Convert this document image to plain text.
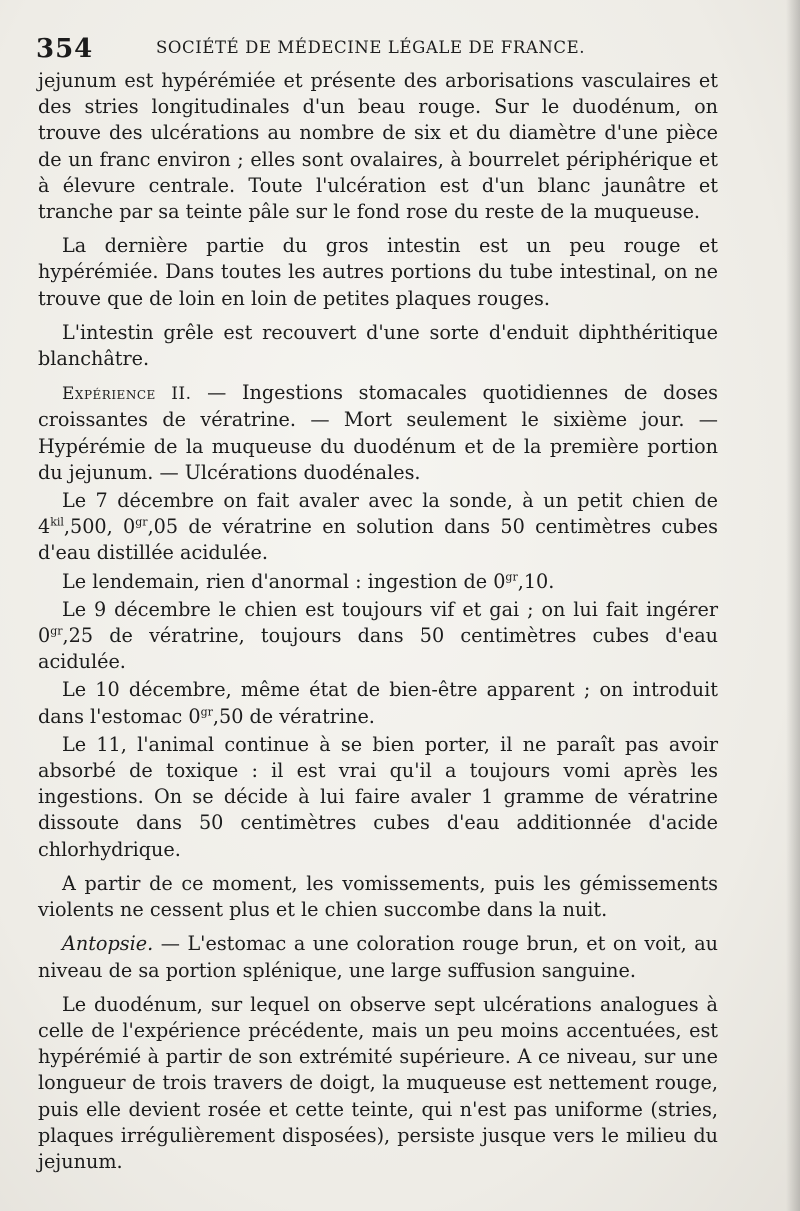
354	SOCIÉTÉ DE MÉDECINE LÉGALE DE FRANCE.

jejunum est hypérémiée et présente des arborisations vasculaires et des stries longitudinales d'un beau rouge. Sur le duodénum, on trouve des ulcérations au nombre de six et du diamètre d'une pièce de un franc environ ; elles sont ovalaires, à bourrelet périphérique et à élevure centrale. Toute l'ulcération est d'un blanc jaunâtre et tranche par sa teinte pâle sur le fond rose du reste de la muqueuse.

La dernière partie du gros intestin est un peu rouge et hypérémiée. Dans toutes les autres portions du tube intestinal, on ne trouve que de loin en loin de petites plaques rouges.

L'intestin grêle est recouvert d'une sorte d'enduit diphthéritique blanchâtre.

Expérience II. — Ingestions stomacales quotidiennes de doses croissantes de vératrine. — Mort seulement le sixième jour. — Hypérémie de la muqueuse du duodénum et de la première portion du jejunum. — Ulcérations duodénales.

Le 7 décembre on fait avaler avec la sonde, à un petit chien de $4^{kil},500$, $0^{gr},05$ de vératrine en solution dans 50 centimètres cubes d'eau distillée acidulée.

Le lendemain, rien d'anormal : ingestion de $0^{gr},10$.

Le 9 décembre le chien est toujours vif et gai ; on lui fait ingérer $0^{gr},25$ de vératrine, toujours dans 50 centimètres cubes d'eau acidulée.

Le 10 décembre, même état de bien-être apparent ; on introduit dans l'estomac $0^{gr},50$ de vératrine.

Le 11, l'animal continue à se bien porter, il ne paraît pas avoir absorbé de toxique : il est vrai qu'il a toujours vomi après les ingestions. On se décide à lui faire avaler 1 gramme de vératrine dissoute dans 50 centimètres cubes d'eau additionnée d'acide chlorhydrique.

A partir de ce moment, les vomissements, puis les gémissements violents ne cessent plus et le chien succombe dans la nuit.

Antopsie. — L'estomac a une coloration rouge brun, et on voit, au niveau de sa portion splénique, une large suffusion sanguine.

Le duodénum, sur lequel on observe sept ulcérations analogues à celle de l'expérience précédente, mais un peu moins accentuées, est hypérémié à partir de son extrémité supérieure. A ce niveau, sur une longueur de trois travers de doigt, la muqueuse est nettement rouge, puis elle devient rosée et cette teinte, qui n'est pas uniforme (stries, plaques irrégulièrement disposées), persiste jusque vers le milieu du jejunum.
